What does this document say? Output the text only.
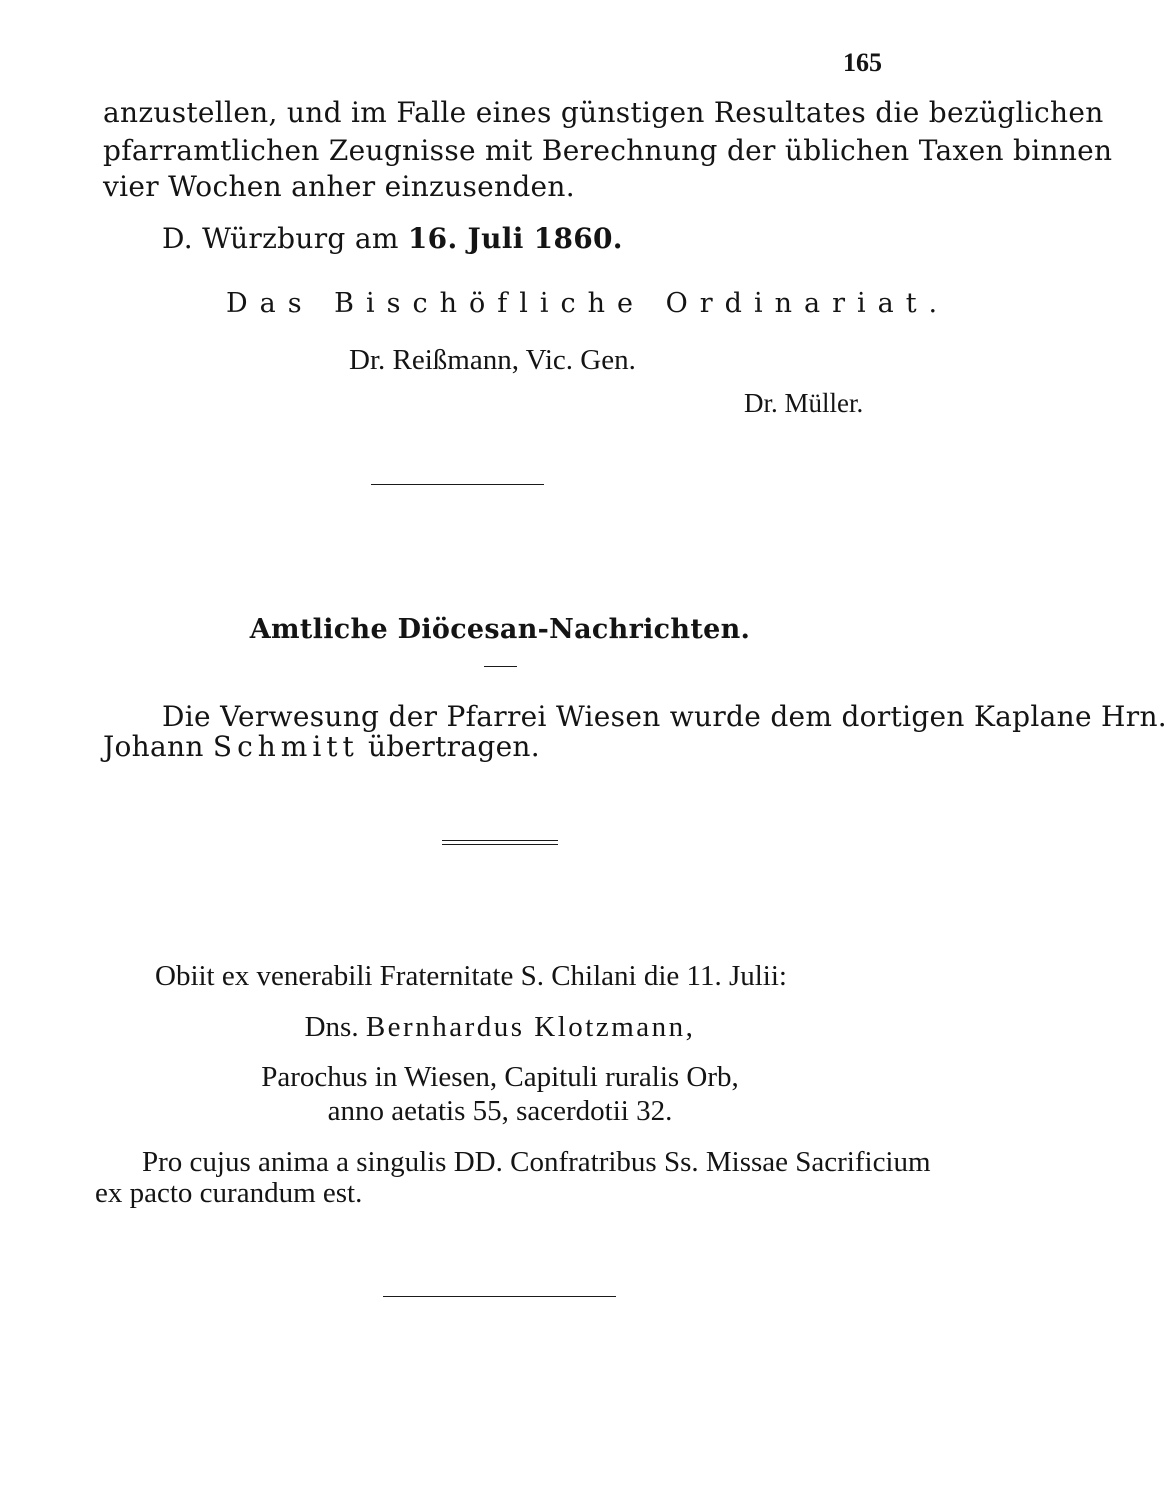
165
anzustellen, und im Falle eines günstigen Resultates die bezüglichen
pfarramtlichen Zeugnisse mit Berechnung der üblichen Taxen binnen
vier Wochen anher einzusenden.
D. Würzburg am 16. Juli 1860.
Das Bischöfliche Ordinariat.
Dr. Reißmann, Vic. Gen.
Dr. Müller.
Amtliche Diöcesan-Nachrichten.
Die Verwesung der Pfarrei Wiesen wurde dem dortigen Kaplane Hrn.
Johann Schmitt übertragen.
Obiit ex venerabili Fraternitate S. Chilani die 11. Julii:
Dns. Bernhardus Klotzmann,
Parochus in Wiesen, Capituli ruralis Orb,
anno aetatis 55, sacerdotii 32.
Pro cujus anima a singulis DD. Confratribus Ss. Missae Sacrificium
ex pacto curandum est.
